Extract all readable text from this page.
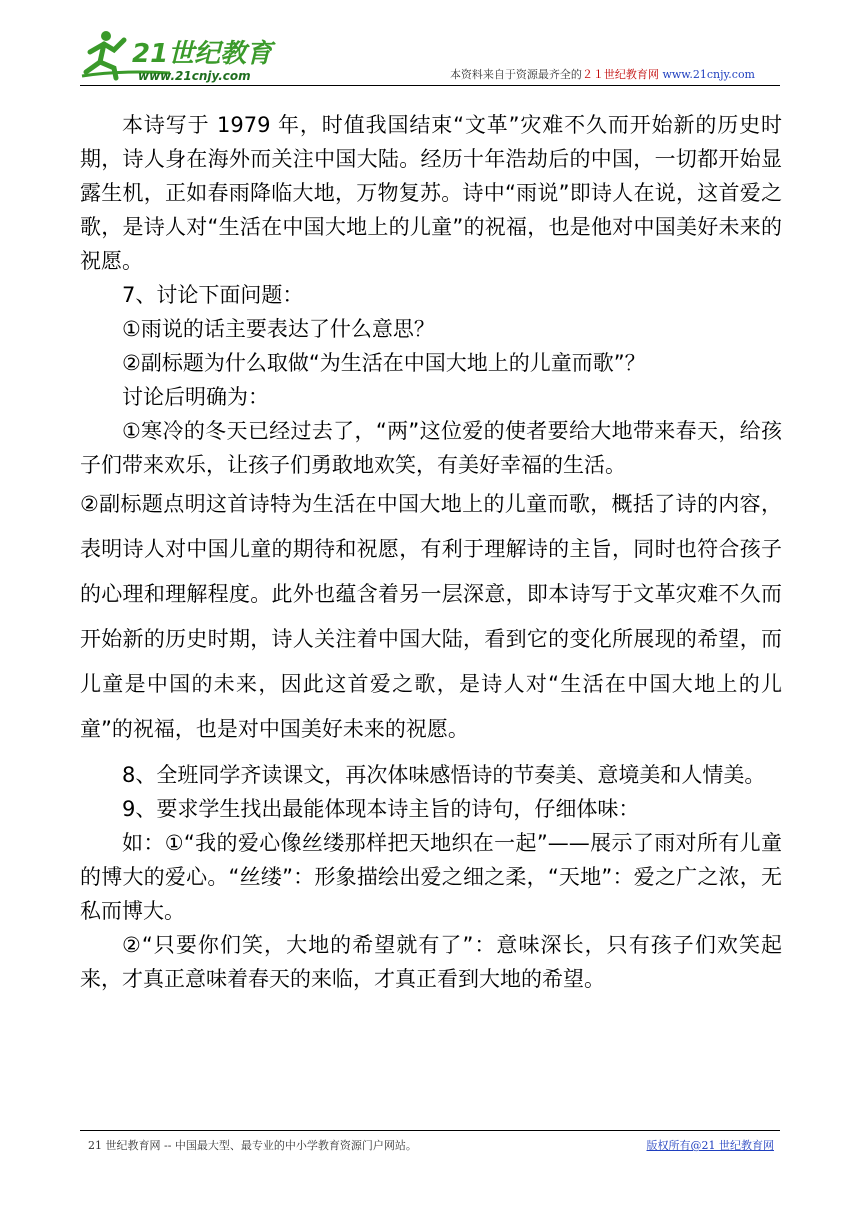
21世纪教育
www.21cnjy.com	本资料来自于资源最齐全的２１世纪教育网 www.21cnjy.com

本诗写于 1979 年，时值我国结束“文革”灾难不久而开始新的历史时期，诗人身在海外而关注中国大陆。经历十年浩劫后的中国，一切都开始显露生机，正如春雨降临大地，万物复苏。诗中“雨说”即诗人在说，这首爱之歌，是诗人对“生活在中国大地上的儿童”的祝福，也是他对中国美好未来的祝愿。

7、讨论下面问题：

①雨说的话主要表达了什么意思？

②副标题为什么取做“为生活在中国大地上的儿童而歌”？

讨论后明确为：

①寒冷的冬天已经过去了，“两”这位爱的使者要给大地带来春天，给孩子们带来欢乐，让孩子们勇敢地欢笑，有美好幸福的生活。

②副标题点明这首诗特为生活在中国大地上的儿童而歌，概括了诗的内容，表明诗人对中国儿童的期待和祝愿，有利于理解诗的主旨，同时也符合孩子的心理和理解程度。此外也蕴含着另一层深意，即本诗写于文革灾难不久而开始新的历史时期，诗人关注着中国大陆，看到它的变化所展现的希望，而儿童是中国的未来，因此这首爱之歌，是诗人对“生活在中国大地上的儿童”的祝福，也是对中国美好未来的祝愿。

8、全班同学齐读课文，再次体味感悟诗的节奏美、意境美和人情美。

9、要求学生找出最能体现本诗主旨的诗句，仔细体味：

如：①“我的爱心像丝缕那样把天地织在一起”——展示了雨对所有儿童的博大的爱心。“丝缕”：形象描绘出爱之细之柔，“天地”：爱之广之浓，无私而博大。

②“只要你们笑，大地的希望就有了”：意味深长，只有孩子们欢笑起来，才真正意味着春天的来临，才真正看到大地的希望。

21 世纪教育网 -- 中国最大型、最专业的中小学教育资源门户网站。	版权所有@21 世纪教育网
